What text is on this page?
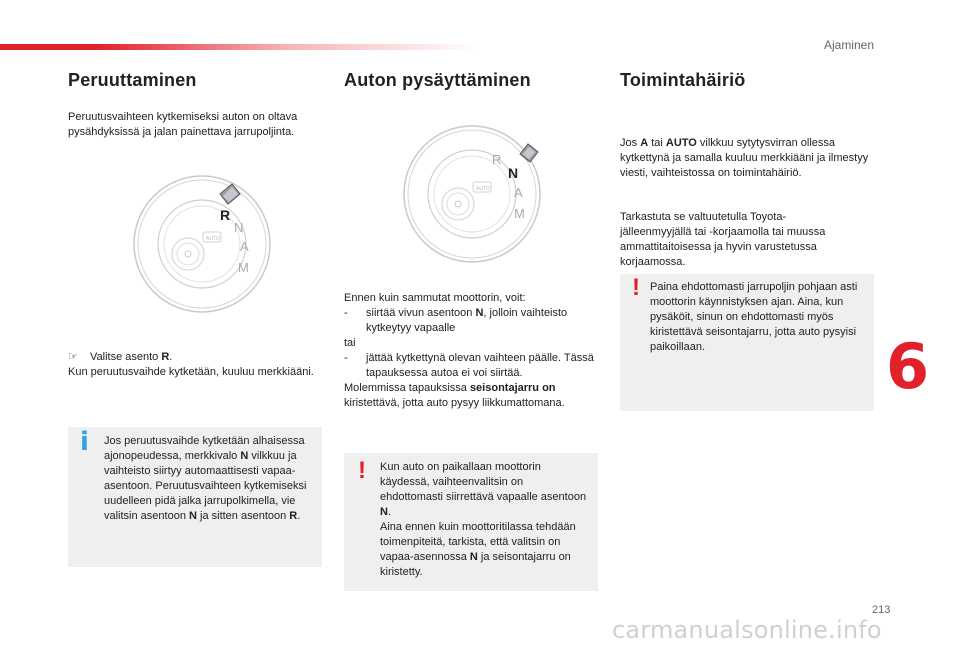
Ajaminen
Peruuttaminen

Peruutusvaihteen kytkemiseksi auton on oltava pysähdyksissä ja jalan painettava jarrupoljinta.

R
N
A
M
AUTO
☞ Valitse asento R.
Kun peruutusvaihde kytketään, kuuluu merkkiääni.
i Jos peruutusvaihde kytketään alhaisessa ajonopeudessa, merkkivalo N vilkkuu ja vaihteisto siirtyy automaattisesti vapaa-asentoon. Peruutusvaihteen kytkemiseksi uudelleen pidä jalka jarrupolkimella, vie valitsin asentoon N ja sitten asentoon R.
Auton pysäyttäminen
R
N
A
M
AUTO
Ennen kuin sammutat moottorin, voit:
-	siirtää vivun asentoon N, jolloin vaihteisto kytkeytyy vapaalle
tai
-	jättää kytkettynä olevan vaihteen päälle. Tässä tapauksessa autoa ei voi siirtää.
Molemmissa tapauksissa seisontajarru on kiristettävä, jotta auto pysyy liikkumattomana.
! Kun auto on paikallaan moottorin käydessä, vaihteenvalitsin on ehdottomasti siirrettävä vapaalle asentoon N.
Aina ennen kuin moottoritilassa tehdään toimenpiteitä, tarkista, että valitsin on vapaa-asennossa N ja seisontajarru on kiristetty.
Toimintahäiriö
Jos A tai AUTO vilkkuu sytytysvirran ollessa kytkettynä ja samalla kuuluu merkkiääni ja ilmestyy viesti, vaihteistossa on toimintahäiriö.

Tarkastuta se valtuutetulla Toyota-jälleenmyyjällä tai -korjaamolla tai muussa ammattitaitoisessa ja hyvin varustetussa korjaamossa.

! Paina ehdottomasti jarrupoljin pohjaan asti moottorin käynnistyksen ajan. Aina, kun pysäköit, sinun on ehdottomasti myös kiristettävä seisontajarru, jotta auto pysyisi paikoillaan.	6
213
carmanualsonline.info
